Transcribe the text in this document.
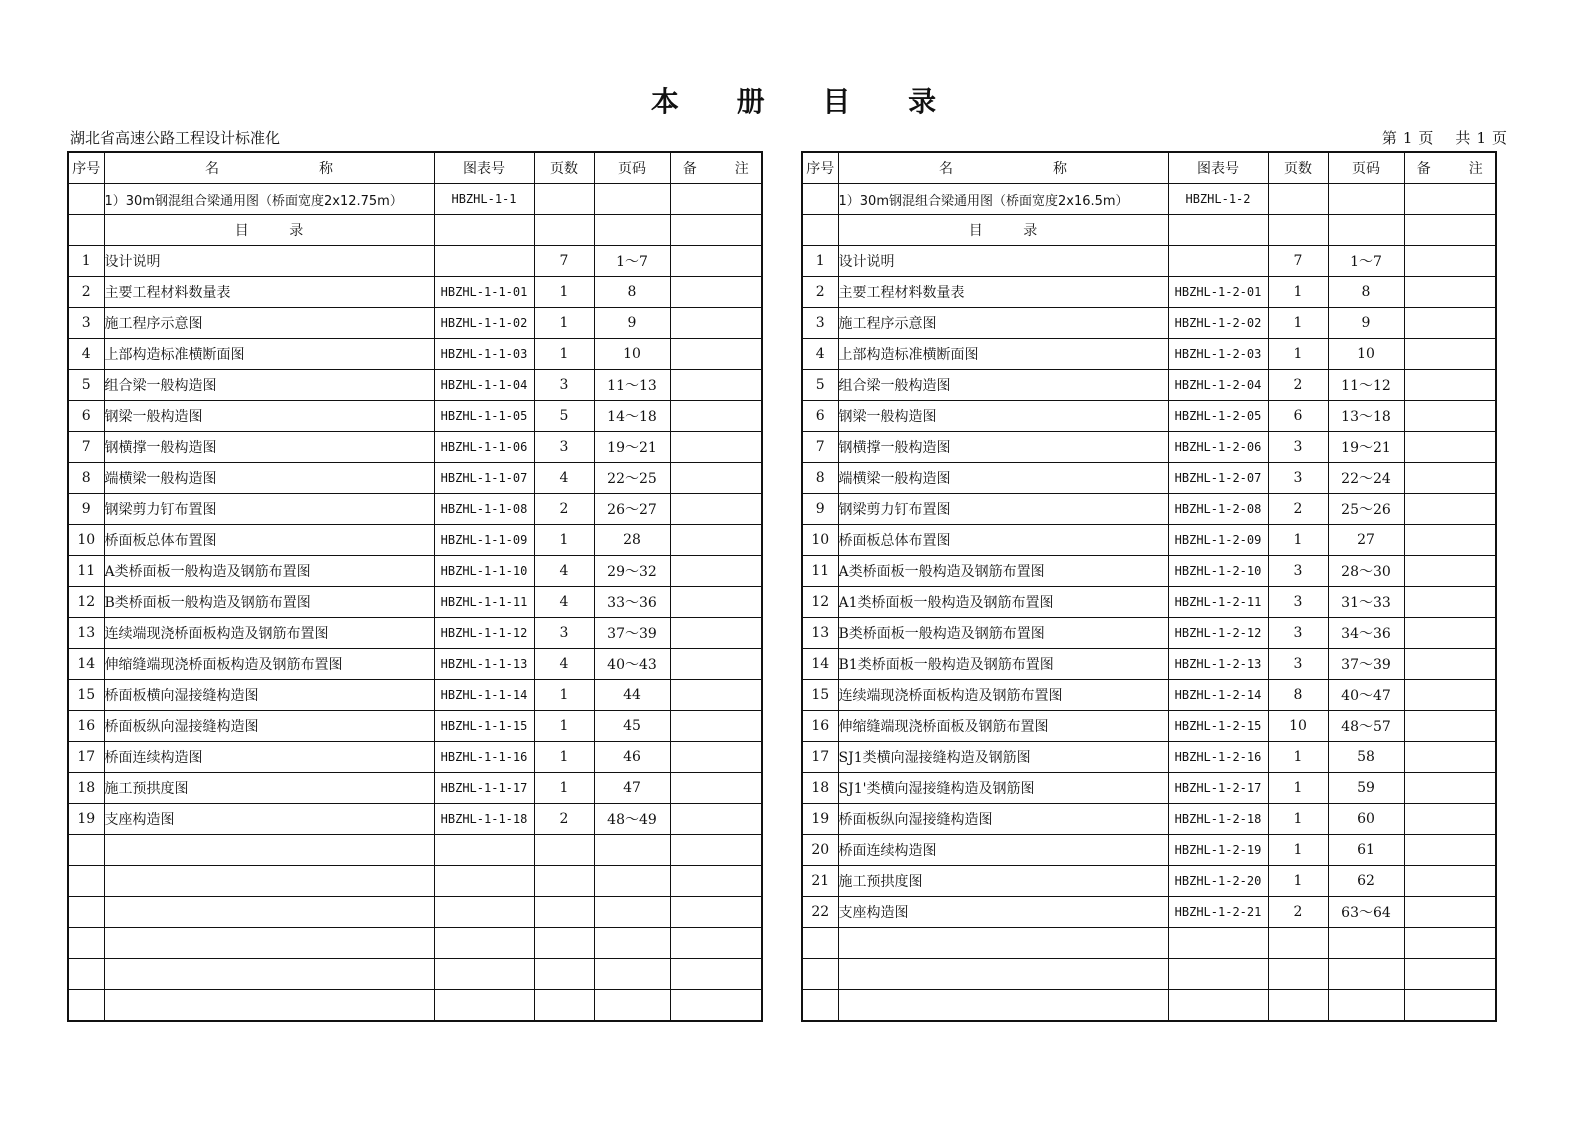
本 册 目 录
湖北省高速公路工程设计标准化	第 1 页 共 1 页
序号	名　　称	图表号	页数	页码	备　注
	1）30m钢混组合梁通用图（桥面宽度2x12.75m）	HBZHL-1-1			
	目 录				
1	设计说明		7	1～7	
2	主要工程材料数量表	HBZHL-1-1-01	1	8	
3	施工程序示意图	HBZHL-1-1-02	1	9	
4	上部构造标准横断面图	HBZHL-1-1-03	1	10	
5	组合梁一般构造图	HBZHL-1-1-04	3	11～13	
6	钢梁一般构造图	HBZHL-1-1-05	5	14～18	
7	钢横撑一般构造图	HBZHL-1-1-06	3	19～21	
8	端横梁一般构造图	HBZHL-1-1-07	4	22～25	
9	钢梁剪力钉布置图	HBZHL-1-1-08	2	26～27	
10	桥面板总体布置图	HBZHL-1-1-09	1	28	
11	A类桥面板一般构造及钢筋布置图	HBZHL-1-1-10	4	29～32	
12	B类桥面板一般构造及钢筋布置图	HBZHL-1-1-11	4	33～36	
13	连续端现浇桥面板构造及钢筋布置图	HBZHL-1-1-12	3	37～39	
14	伸缩缝端现浇桥面板构造及钢筋布置图	HBZHL-1-1-13	4	40～43	
15	桥面板横向湿接缝构造图	HBZHL-1-1-14	1	44	
16	桥面板纵向湿接缝构造图	HBZHL-1-1-15	1	45	
17	桥面连续构造图	HBZHL-1-1-16	1	46	
18	施工预拱度图	HBZHL-1-1-17	1	47	
19	支座构造图	HBZHL-1-1-18	2	48～49	

序号	名　　称	图表号	页数	页码	备　注
	1）30m钢混组合梁通用图（桥面宽度2x16.5m）	HBZHL-1-2			
	目 录				
1	设计说明		7	1～7	
2	主要工程材料数量表	HBZHL-1-2-01	1	8	
3	施工程序示意图	HBZHL-1-2-02	1	9	
4	上部构造标准横断面图	HBZHL-1-2-03	1	10	
5	组合梁一般构造图	HBZHL-1-2-04	2	11～12	
6	钢梁一般构造图	HBZHL-1-2-05	6	13～18	
7	钢横撑一般构造图	HBZHL-1-2-06	3	19～21	
8	端横梁一般构造图	HBZHL-1-2-07	3	22～24	
9	钢梁剪力钉布置图	HBZHL-1-2-08	2	25～26	
10	桥面板总体布置图	HBZHL-1-2-09	1	27	
11	A类桥面板一般构造及钢筋布置图	HBZHL-1-2-10	3	28～30	
12	A1类桥面板一般构造及钢筋布置图	HBZHL-1-2-11	3	31～33	
13	B类桥面板一般构造及钢筋布置图	HBZHL-1-2-12	3	34～36	
14	B1类桥面板一般构造及钢筋布置图	HBZHL-1-2-13	3	37～39	
15	连续端现浇桥面板构造及钢筋布置图	HBZHL-1-2-14	8	40～47	
16	伸缩缝端现浇桥面板及钢筋布置图	HBZHL-1-2-15	10	48～57	
17	SJ1类横向湿接缝构造及钢筋图	HBZHL-1-2-16	1	58	
18	SJ1'类横向湿接缝构造及钢筋图	HBZHL-1-2-17	1	59	
19	桥面板纵向湿接缝构造图	HBZHL-1-2-18	1	60	
20	桥面连续构造图	HBZHL-1-2-19	1	61	
21	施工预拱度图	HBZHL-1-2-20	1	62	
22	支座构造图	HBZHL-1-2-21	2	63～64	
